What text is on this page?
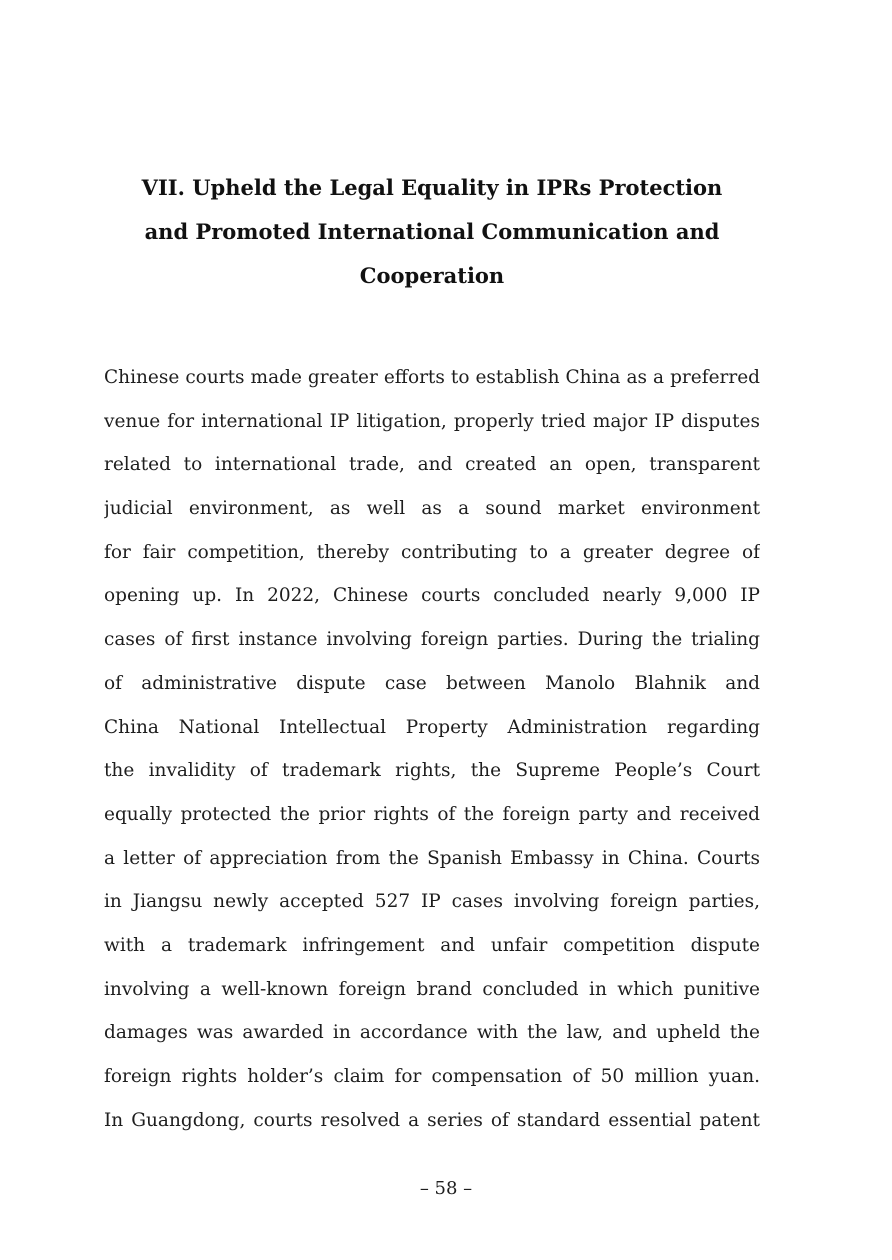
VII. Upheld the Legal Equality in IPRs Protection
and Promoted International Communication and
Cooperation
Chinese courts made greater efforts to establish China as a preferred
venue for international IP litigation, properly tried major IP disputes
related to international trade, and created an open, transparent
judicial environment, as well as a sound market environment
for fair competition, thereby contributing to a greater degree of
opening up. In 2022, Chinese courts concluded nearly 9,000 IP
cases of first instance involving foreign parties. During the trialing
of administrative dispute case between Manolo Blahnik and
China National Intellectual Property Administration regarding
the invalidity of trademark rights, the Supreme People’s Court
equally protected the prior rights of the foreign party and received
a letter of appreciation from the Spanish Embassy in China. Courts
in Jiangsu newly accepted 527 IP cases involving foreign parties,
with a trademark infringement and unfair competition dispute
involving a well-known foreign brand concluded in which punitive
damages was awarded in accordance with the law, and upheld the
foreign rights holder’s claim for compensation of 50 million yuan.
In Guangdong, courts resolved a series of standard essential patent
– 58 –
